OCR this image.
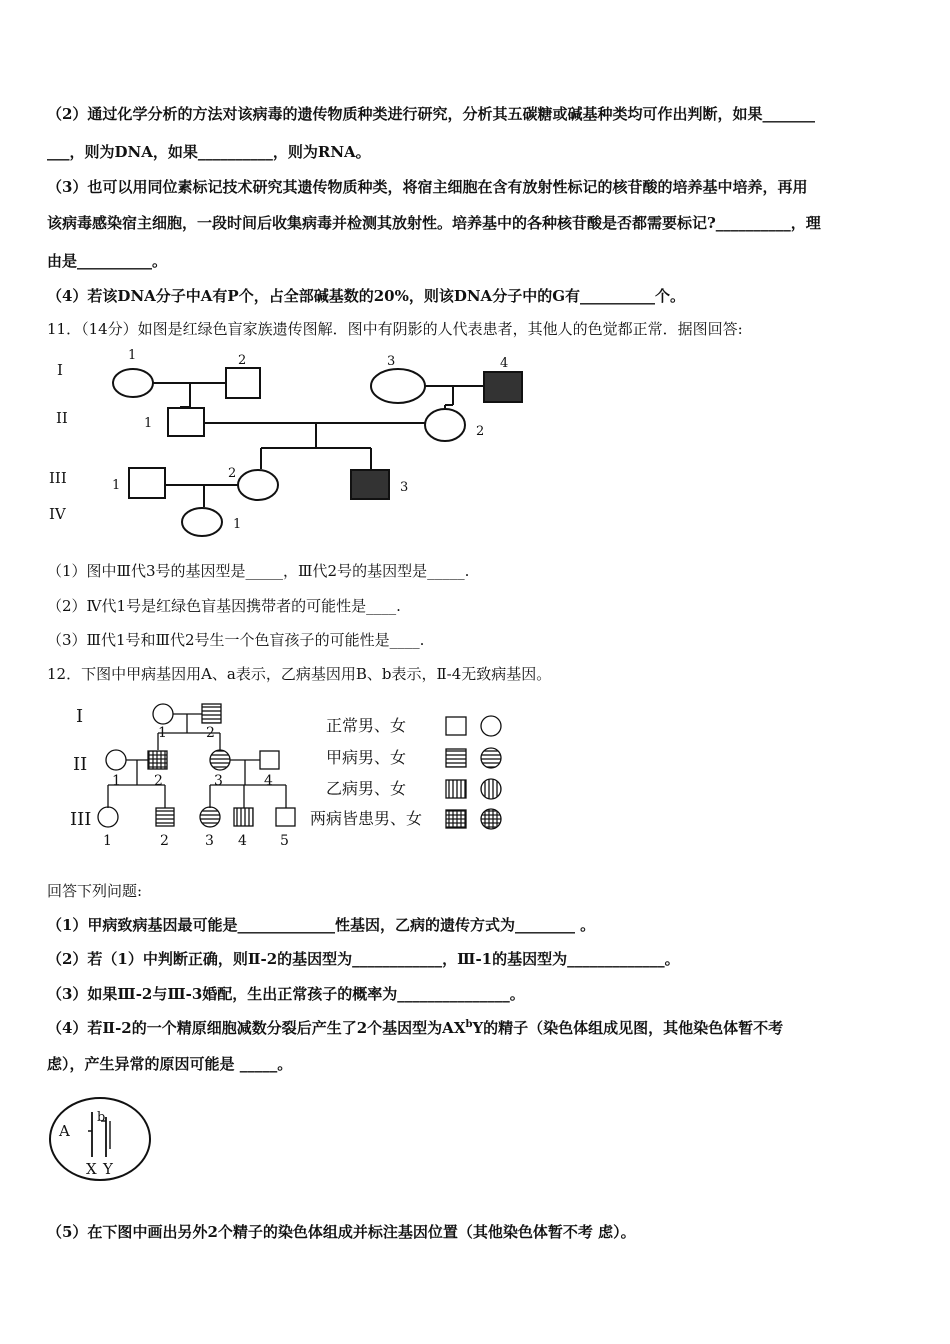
（2）通过化学分析的方法对该病毒的遗传物质种类进行研究，分析其五碳糖或碱基种类均可作出判断，如果_______
___，则为DNA，如果__________，则为RNA。
（3）也可以用同位素标记技术研究其遗传物质种类，将宿主细胞在含有放射性标记的核苷酸的培养基中培养，再用
该病毒感染宿主细胞，一段时间后收集病毒并检测其放射性。培养基中的各种核苷酸是否都需要标记?__________，理
由是__________。
（4）若该DNA分子中A有P个，占全部碱基数的20%，则该DNA分子中的G有__________个。
11．（14分）如图是红绿色盲家族遗传图解．图中有阴影的人代表患者，其他人的色觉都正常．据图回答:
I
II
III
IV
1	2	3	4
1
2
1
2
3
1
（1）图中Ⅲ代3号的基因型是_____，Ⅲ代2号的基因型是_____.
（2）Ⅳ代1号是红绿色盲基因携带者的可能性是____.
（3）Ⅲ代1号和Ⅲ代2号生一个色盲孩子的可能性是____.
12．下图中甲病基因用A、a表示，乙病基因用B、b表示，Ⅱ-4无致病基因。
I
II
III
1	2
1 2	3	4
1	2	3 4 5
正常男、女
甲病男、女
乙病男、女
两病皆患男、女
回答下列问题:
（1）甲病致病基因最可能是_____________性基因，乙病的遗传方式为________ 。
（2）若（1）中判断正确，则Ⅱ-2的基因型为____________，Ⅲ-1的基因型为_____________。
（3）如果Ⅲ-2与Ⅲ-3婚配，生出正常孩子的概率为_______________。
（4）若Ⅱ-2的一个精原细胞减数分裂后产生了2个基因型为$AX^bY$的精子（染色体组成见图，其他染色体暂不考
虑），产生异常的原因可能是 _____。
A
b
X Y
（5）在下图中画出另外2个精子的染色体组成并标注基因位置（其他染色体暂不考 虑）。
